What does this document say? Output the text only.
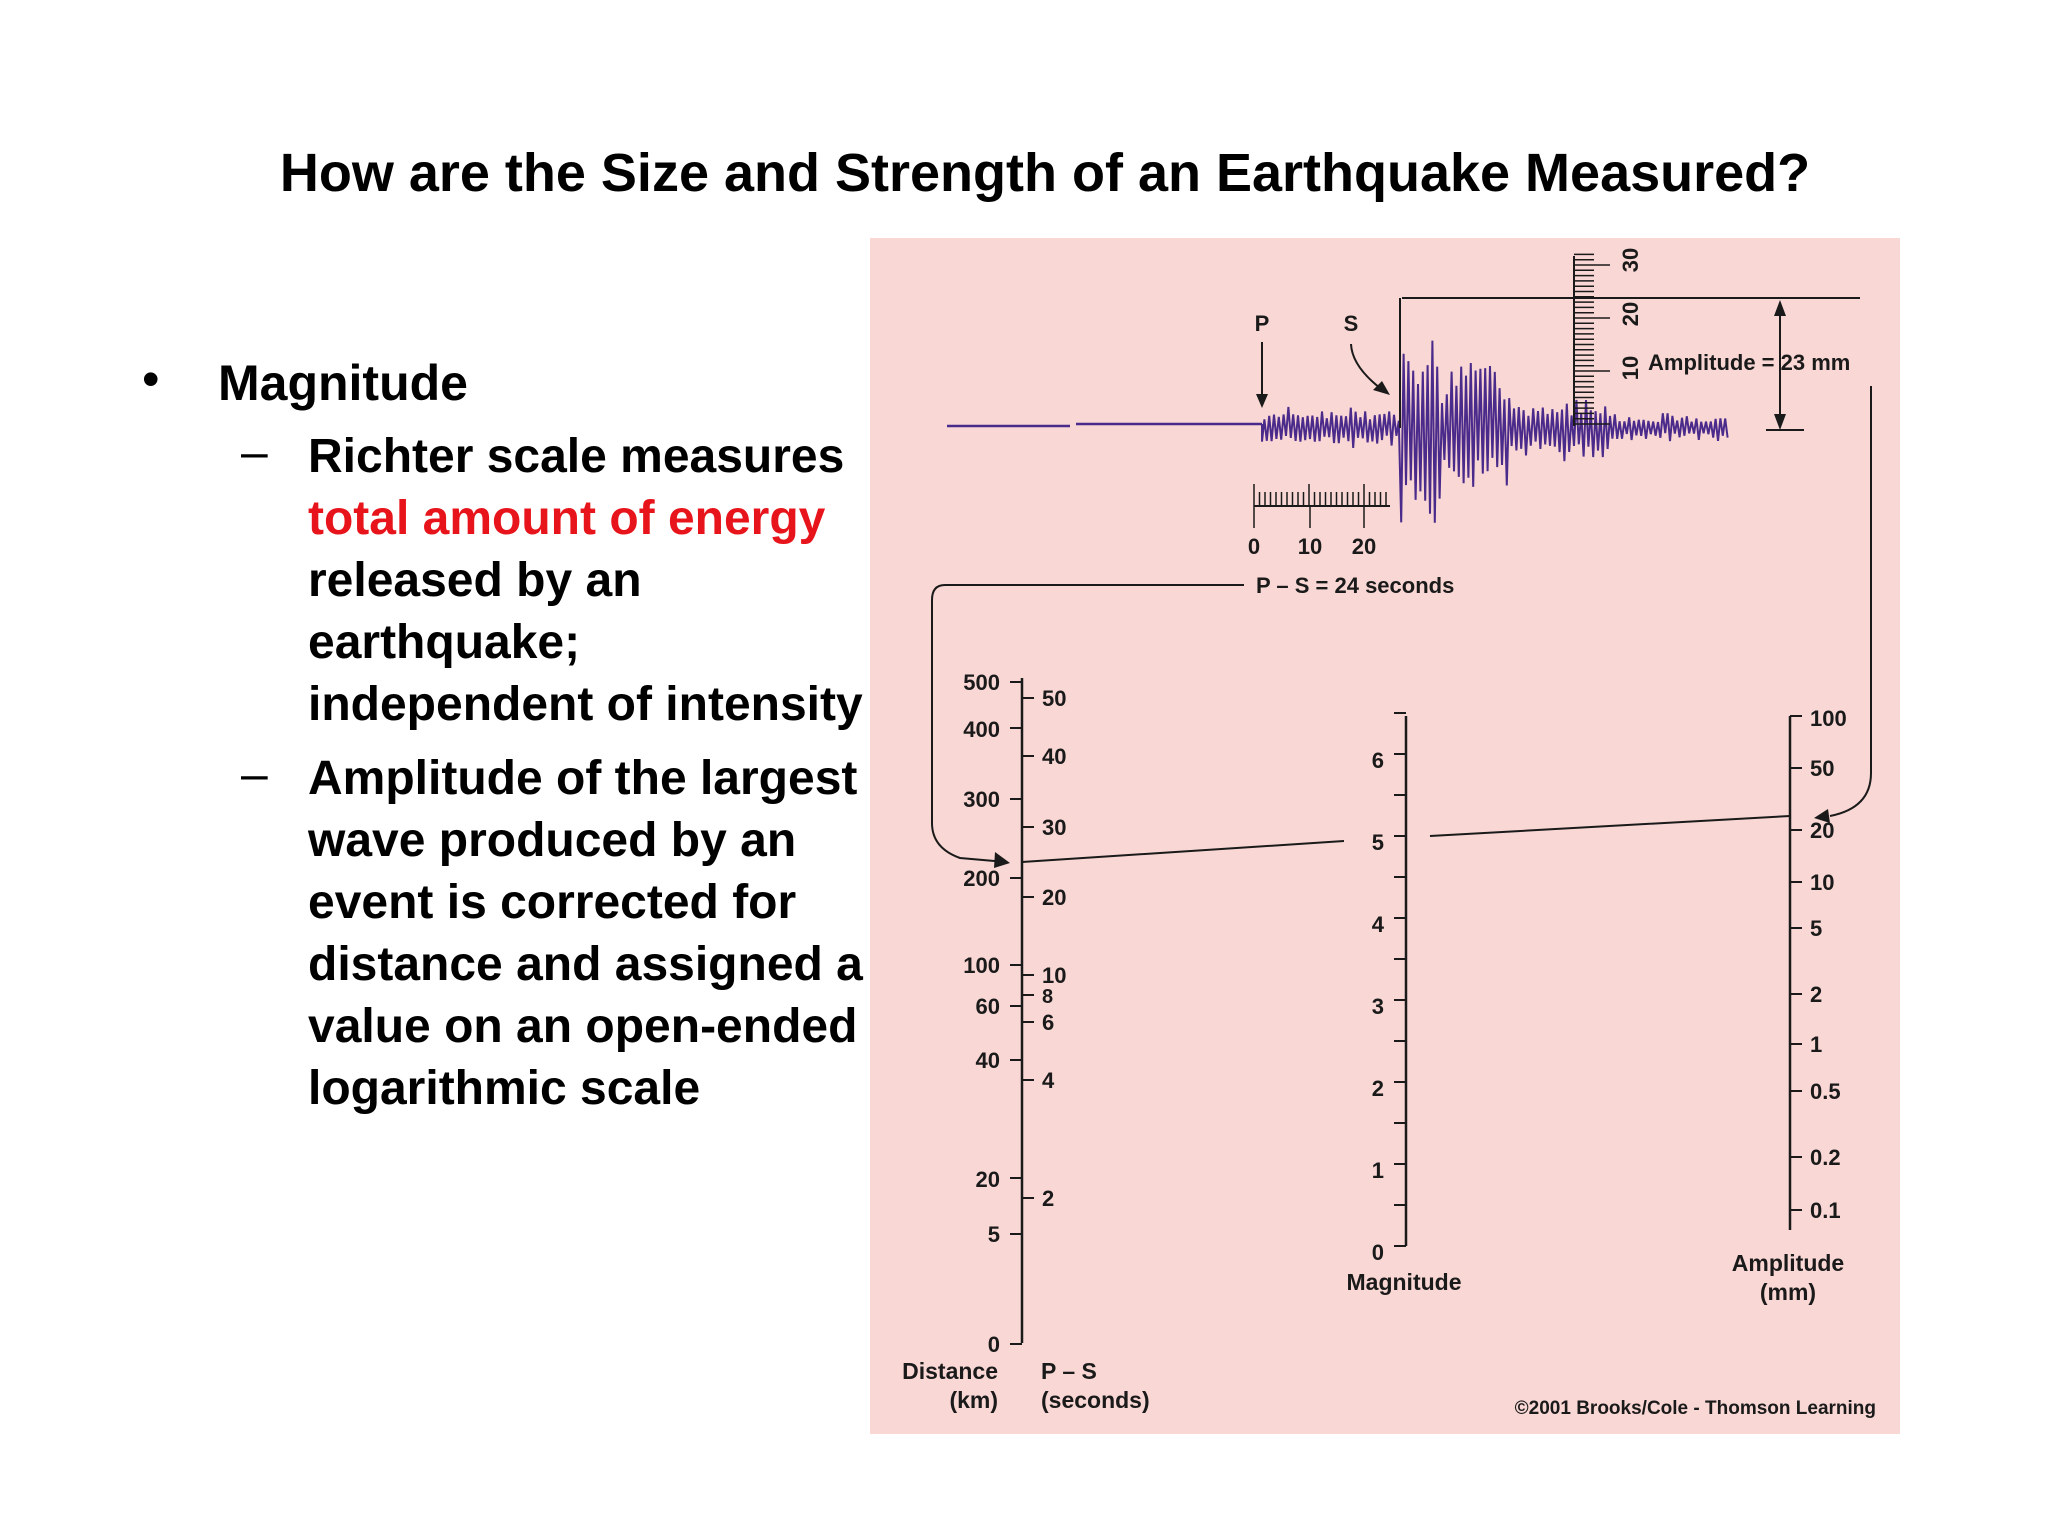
How are the Size and Strength of an Earthquake Measured?
• Magnitude
– Richter scale measures total amount of energy released by an earthquake; independent of intensity
– Amplitude of the largest wave produced by an event is corrected for distance and assigned a value on an open-ended logarithmic scale
P	S
0 10 20
P – S = 24 seconds
10
20
30
Amplitude = 23 mm
500
400
300
200
100
60
40
20
5
0
50
40
30
20
10
8
6
4
2
6
5
4
3
2
1
0
100
50
20
10
5
2
1
0.5
0.2
0.1
Distance
(km)
P – S
(seconds)
Magnitude
Amplitude
(mm)
©2001 Brooks/Cole - Thomson Learning
